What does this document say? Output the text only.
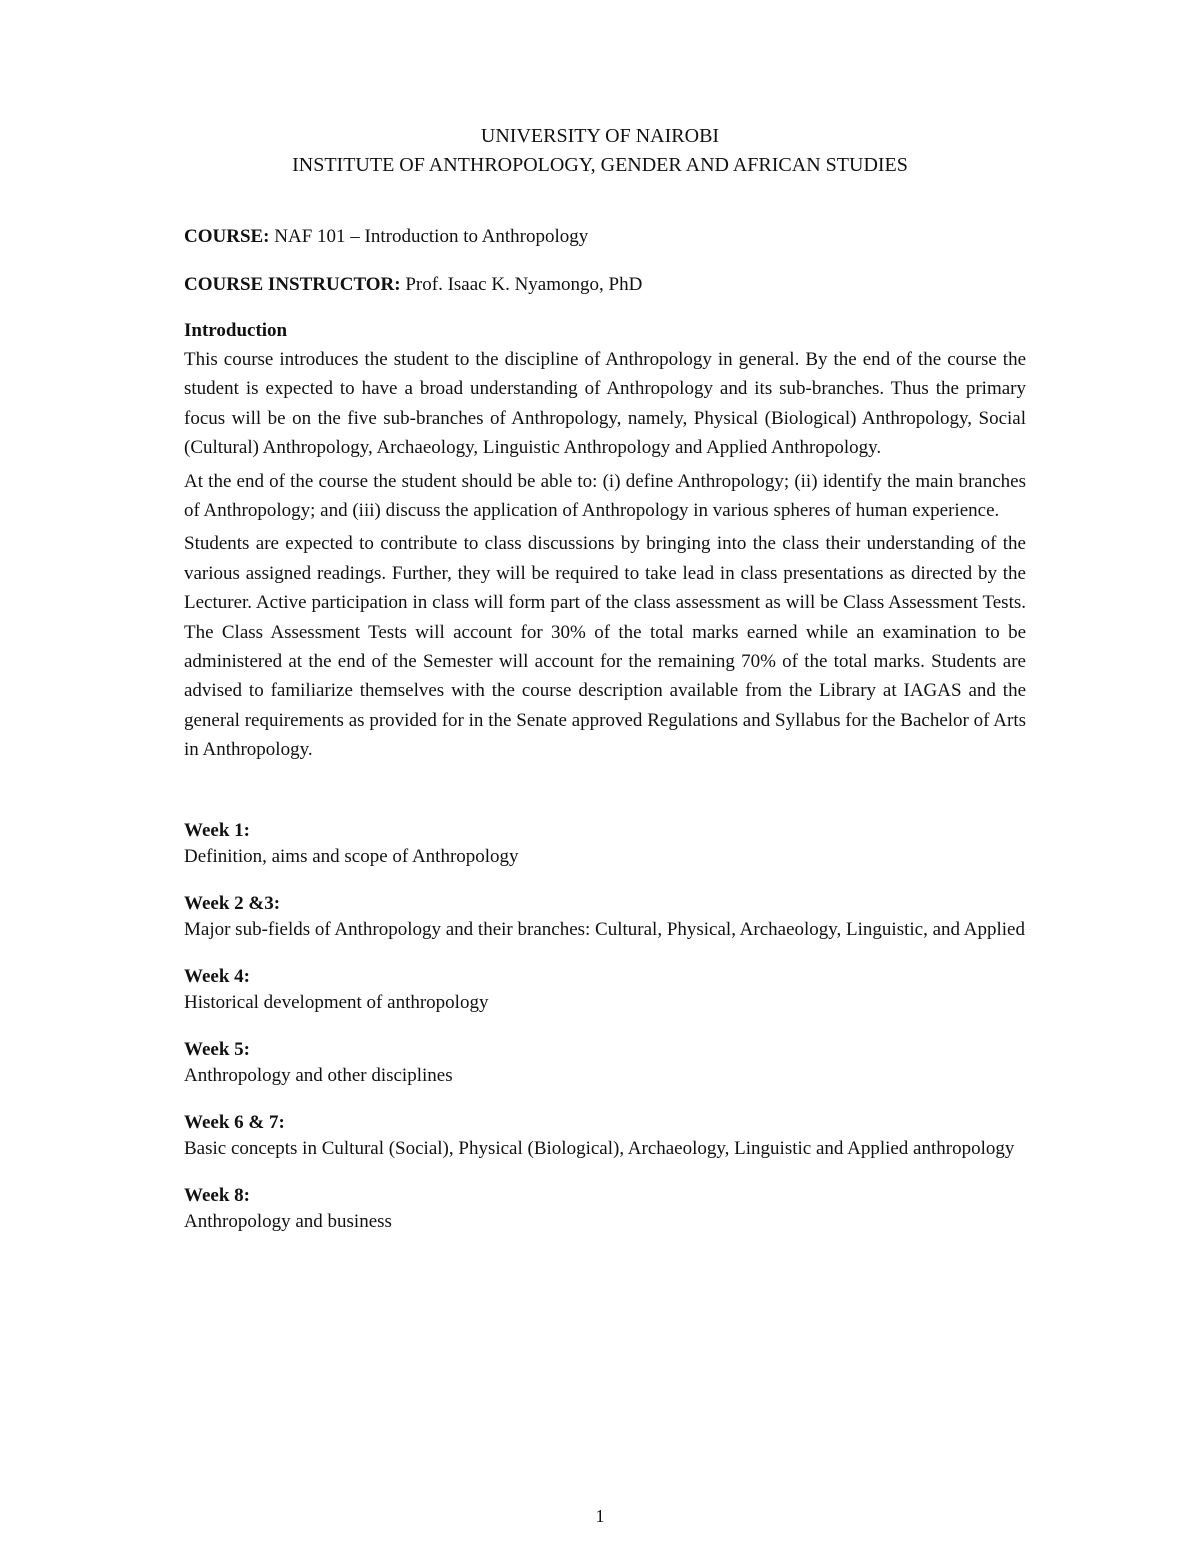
UNIVERSITY OF NAIROBI
INSTITUTE OF ANTHROPOLOGY, GENDER AND AFRICAN STUDIES

COURSE: NAF 101 – Introduction to Anthropology

COURSE INSTRUCTOR: Prof. Isaac K. Nyamongo, PhD

Introduction

This course introduces the student to the discipline of Anthropology in general. By the end of the course the student is expected to have a broad understanding of Anthropology and its sub-branches. Thus the primary focus will be on the five sub-branches of Anthropology, namely, Physical (Biological) Anthropology, Social (Cultural) Anthropology, Archaeology, Linguistic Anthropology and Applied Anthropology.

At the end of the course the student should be able to: (i) define Anthropology; (ii) identify the main branches of Anthropology; and (iii) discuss the application of Anthropology in various spheres of human experience.

Students are expected to contribute to class discussions by bringing into the class their understanding of the various assigned readings. Further, they will be required to take lead in class presentations as directed by the Lecturer. Active participation in class will form part of the class assessment as will be Class Assessment Tests. The Class Assessment Tests will account for 30% of the total marks earned while an examination to be administered at the end of the Semester will account for the remaining 70% of the total marks. Students are advised to familiarize themselves with the course description available from the Library at IAGAS and the general requirements as provided for in the Senate approved Regulations and Syllabus for the Bachelor of Arts in Anthropology.

Week 1:
Definition, aims and scope of Anthropology
Week 2 &3:
Major sub-fields of Anthropology and their branches: Cultural, Physical, Archaeology, Linguistic, and Applied
Week 4:
Historical development of anthropology
Week 5:
Anthropology and other disciplines
Week 6 & 7:
Basic concepts in Cultural (Social), Physical (Biological), Archaeology, Linguistic and Applied anthropology
Week 8:
Anthropology and business
1
